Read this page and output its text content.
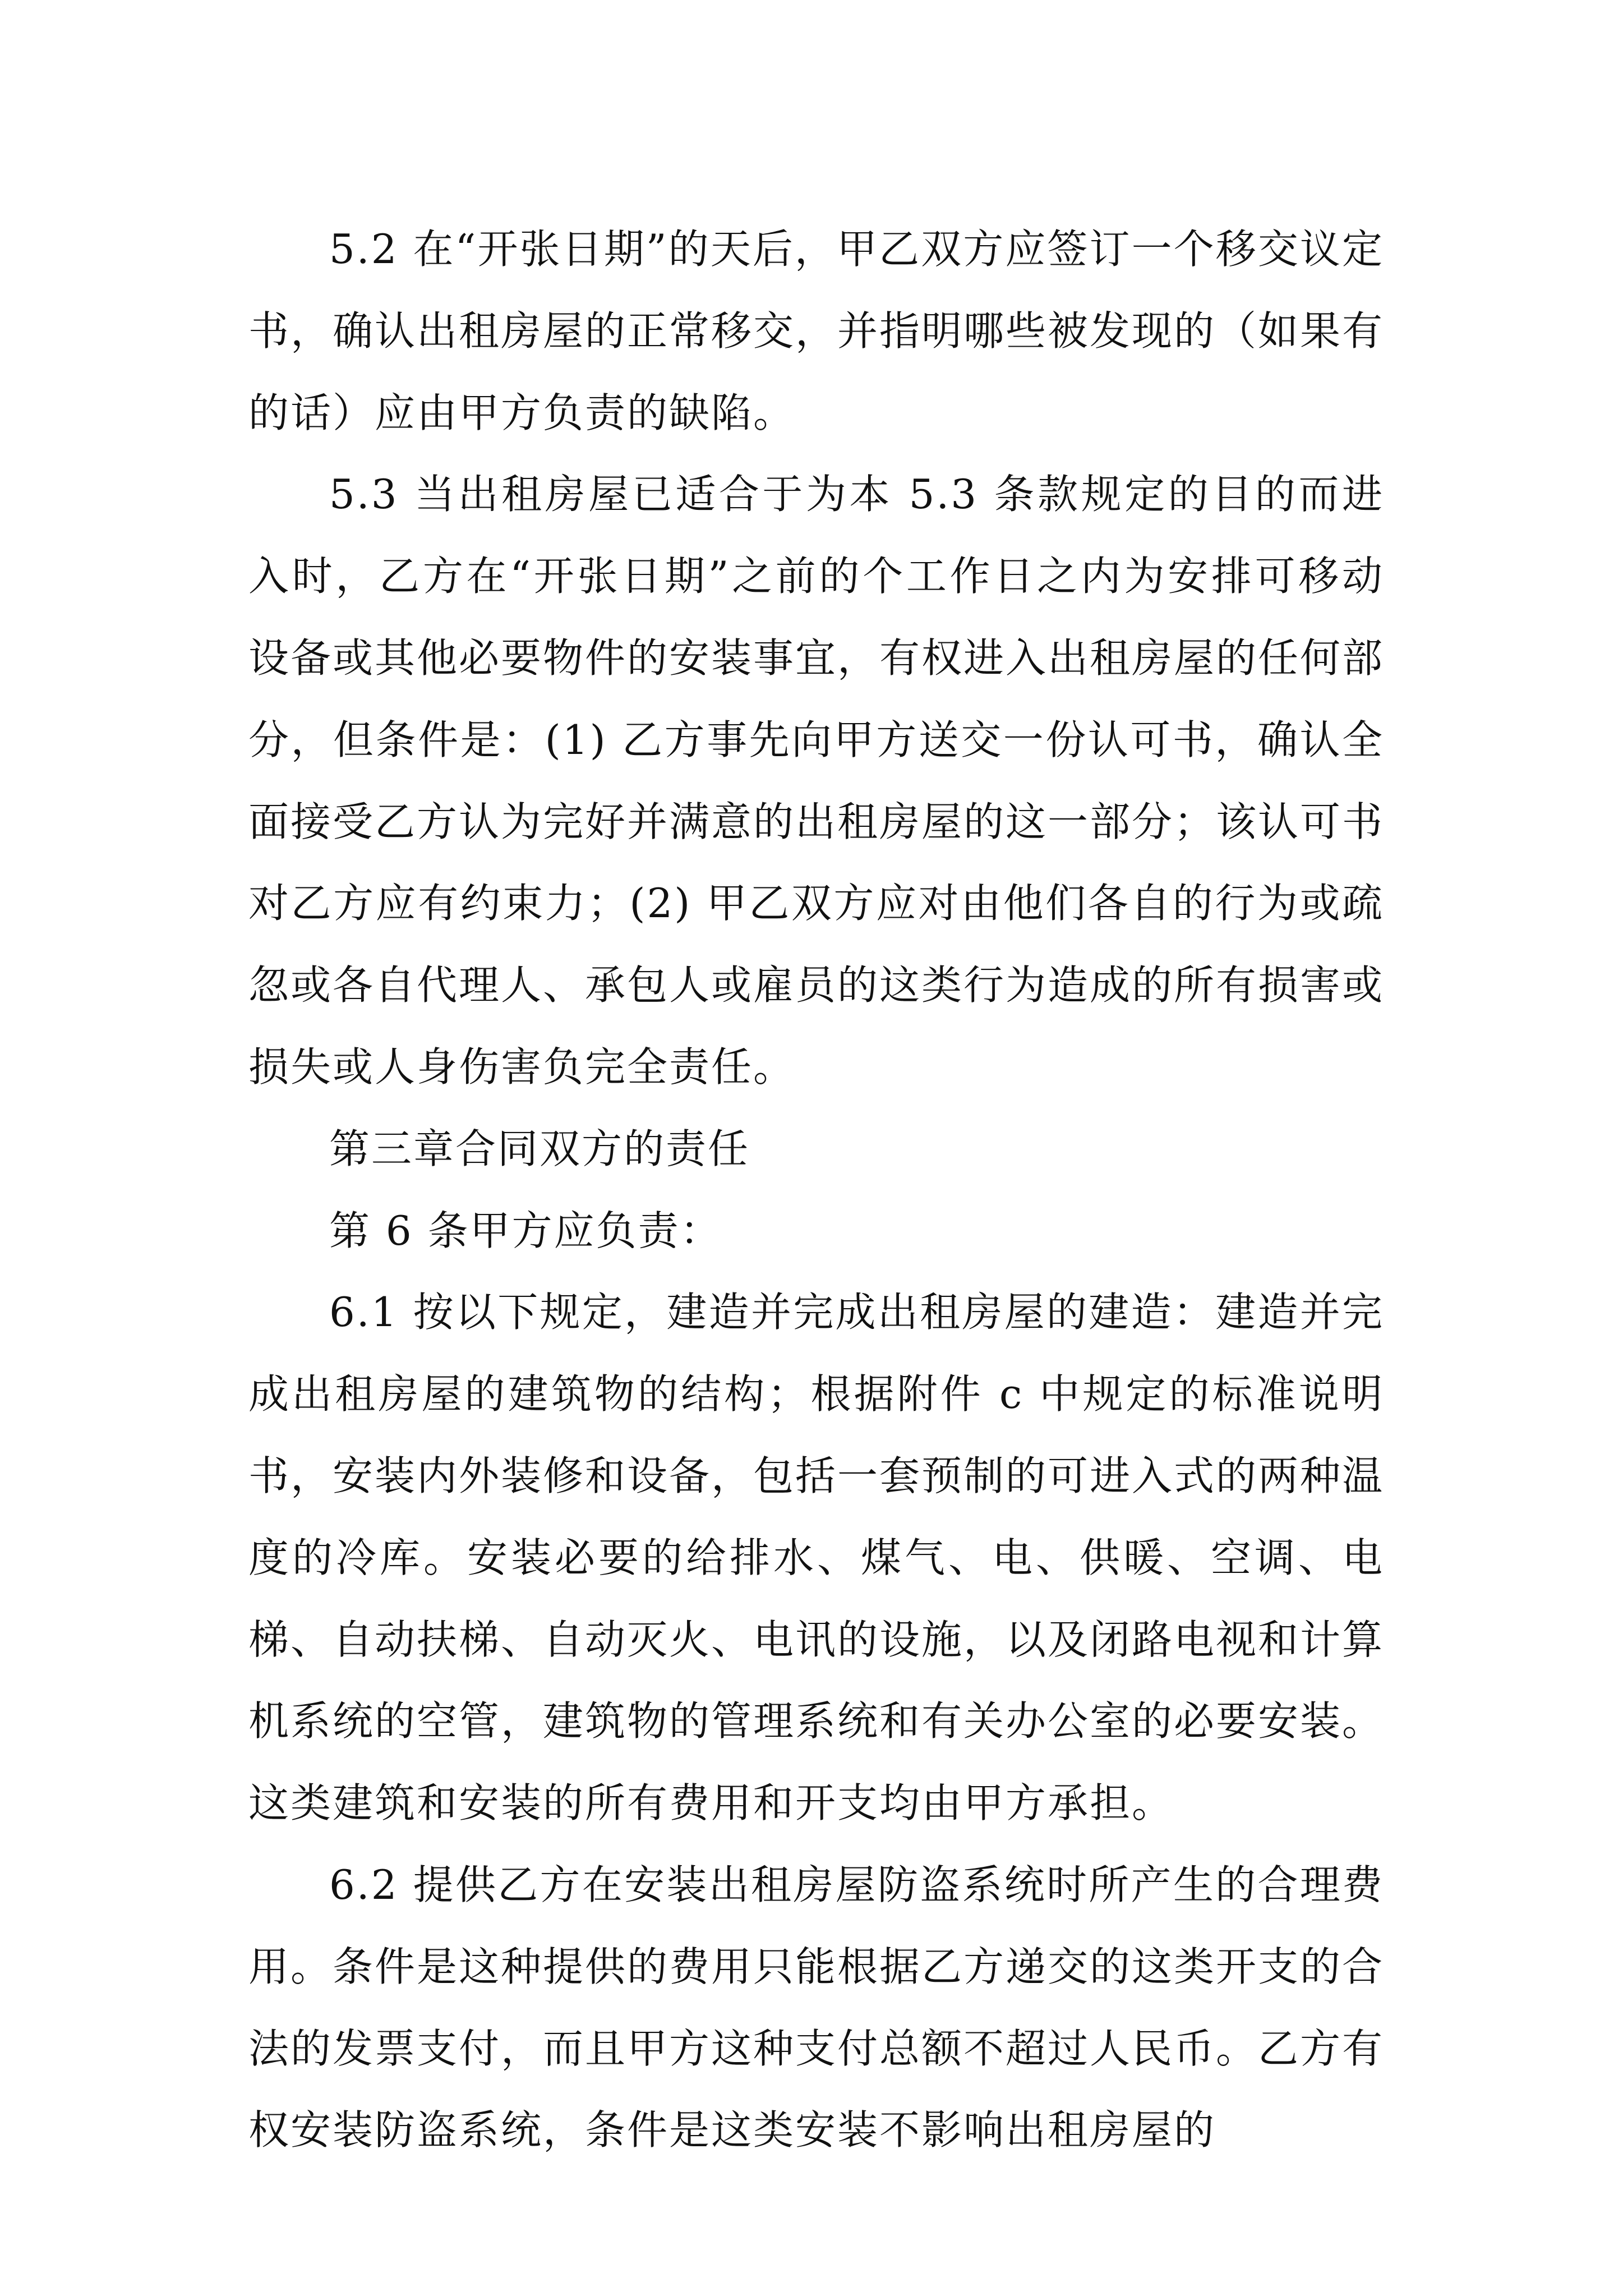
5.2 在“开张日期”的天后，甲乙双方应签订一个移交议定书，确认出租房屋的正常移交，并指明哪些被发现的（如果有的话）应由甲方负责的缺陷。

5.3 当出租房屋已适合于为本 5.3 条款规定的目的而进入时，乙方在“开张日期”之前的个工作日之内为安排可移动设备或其他必要物件的安装事宜，有权进入出租房屋的任何部分，但条件是：(1) 乙方事先向甲方送交一份认可书，确认全面接受乙方认为完好并满意的出租房屋的这一部分；该认可书对乙方应有约束力；(2) 甲乙双方应对由他们各自的行为或疏忽或各自代理人、承包人或雇员的这类行为造成的所有损害或损失或人身伤害负完全责任。

第三章合同双方的责任

第 6 条甲方应负责：

6.1 按以下规定，建造并完成出租房屋的建造：建造并完成出租房屋的建筑物的结构；根据附件 c 中规定的标准说明书，安装内外装修和设备，包括一套预制的可进入式的两种温度的冷库。安装必要的给排水、煤气、电、供暖、空调、电梯、自动扶梯、自动灭火、电讯的设施，以及闭路电视和计算机系统的空管，建筑物的管理系统和有关办公室的必要安装。这类建筑和安装的所有费用和开支均由甲方承担。

6.2 提供乙方在安装出租房屋防盗系统时所产生的合理费用。条件是这种提供的费用只能根据乙方递交的这类开支的合法的发票支付，而且甲方这种支付总额不超过人民币。乙方有权安装防盗系统，条件是这类安装不影响出租房屋的
